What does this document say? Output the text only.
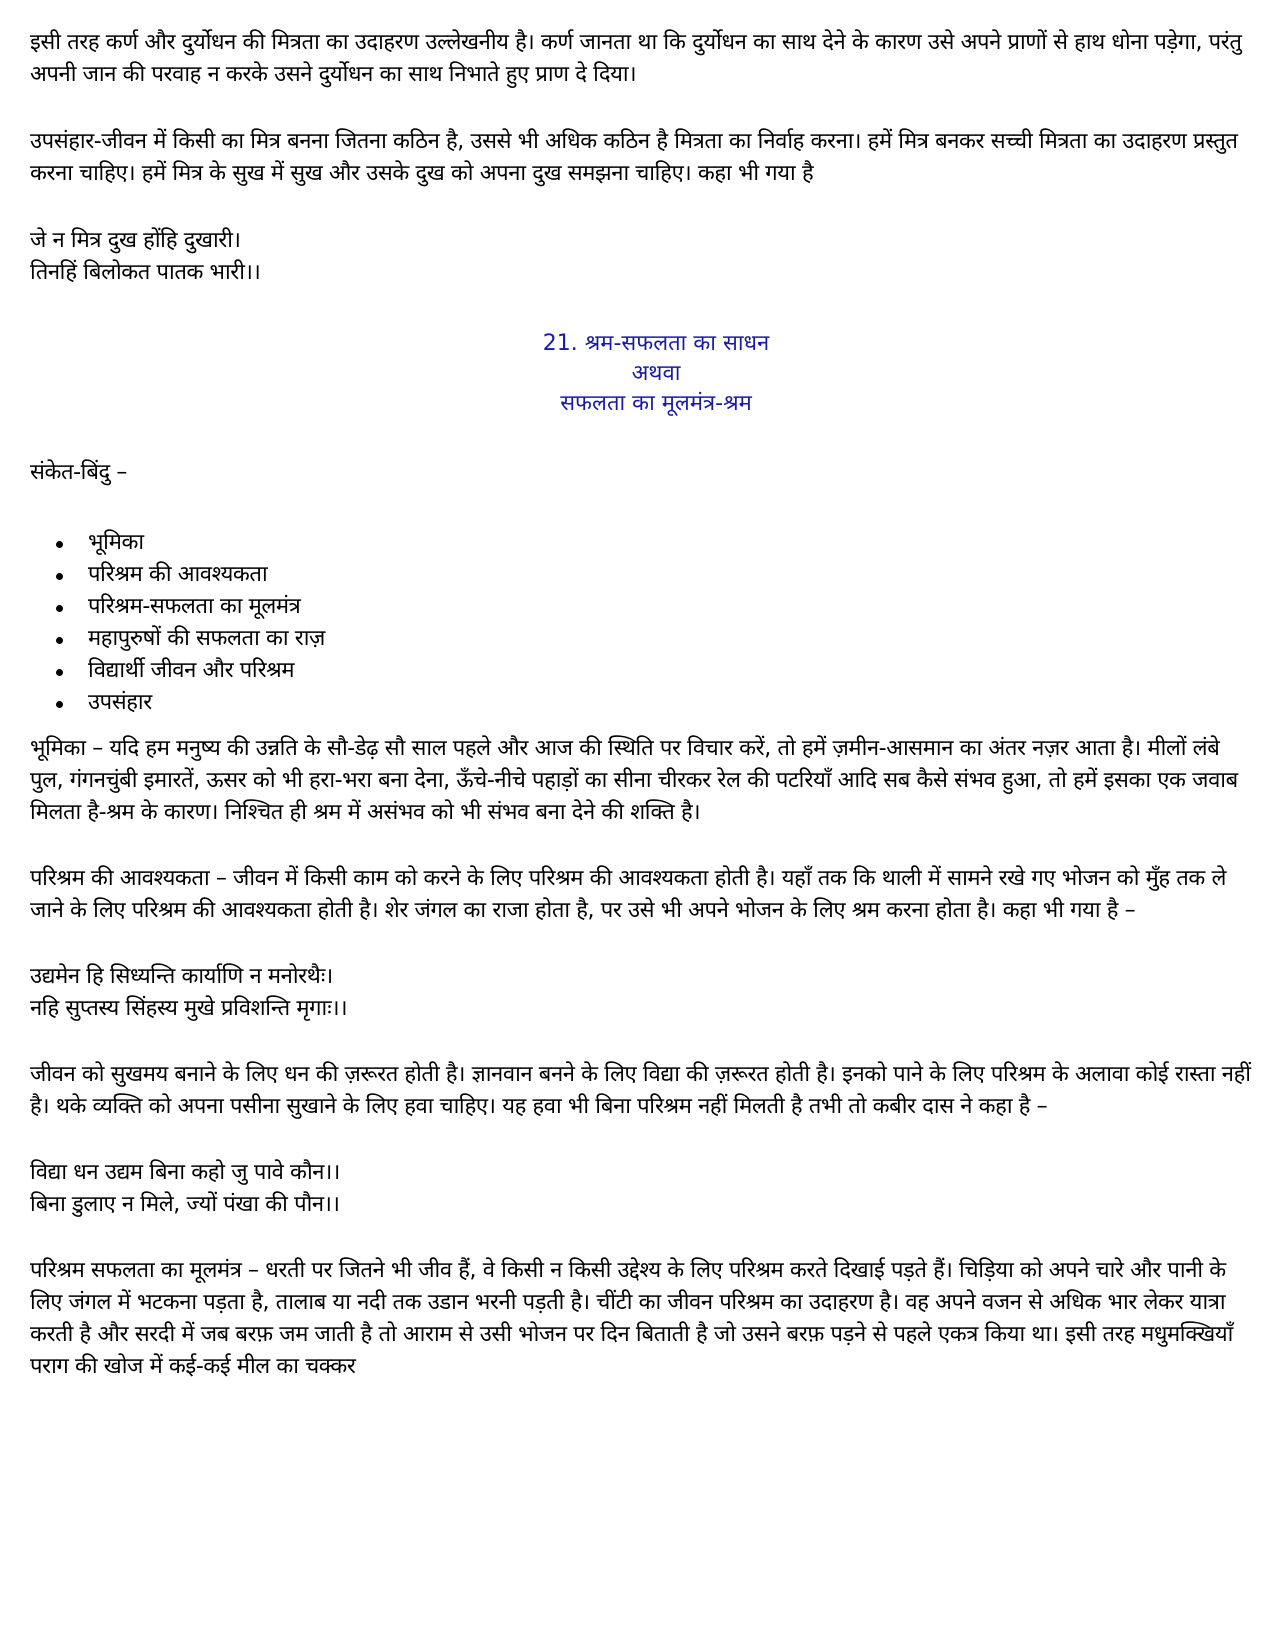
इसी तरह कर्ण और दुर्योधन की मित्रता का उदाहरण उल्लेखनीय है। कर्ण जानता था कि दुर्योधन का साथ देने के कारण उसे अपने प्राणों से हाथ धोना पड़ेगा, परंतु अपनी जान की परवाह न करके उसने दुर्योधन का साथ निभाते हुए प्राण दे दिया।

उपसंहार-जीवन में किसी का मित्र बनना जितना कठिन है, उससे भी अधिक कठिन है मित्रता का निर्वाह करना। हमें मित्र बनकर सच्ची मित्रता का उदाहरण प्रस्तुत करना चाहिए। हमें मित्र के सुख में सुख और उसके दुख को अपना दुख समझना चाहिए। कहा भी गया है

जे न मित्र दुख होंहि दुखारी।

तिनहिं बिलोकत पातक भारी।।

21. श्रम-सफलता का साधन
अथवा
सफलता का मूलमंत्र-श्रम

संकेत-बिंदु –

भूमिका
परिश्रम की आवश्यकता
परिश्रम-सफलता का मूलमंत्र
महापुरुषों की सफलता का राज़
विद्यार्थी जीवन और परिश्रम
उपसंहार

भूमिका – यदि हम मनुष्य की उन्नति के सौ-डेढ़ सौ साल पहले और आज की स्थिति पर विचार करें, तो हमें ज़मीन-आसमान का अंतर नज़र आता है। मीलों लंबे पुल, गंगनचुंबी इमारतें, ऊसर को भी हरा-भरा बना देना, ऊँचे-नीचे पहाड़ों का सीना चीरकर रेल की पटरियाँ आदि सब कैसे संभव हुआ, तो हमें इसका एक जवाब मिलता है-श्रम के कारण। निश्चित ही श्रम में असंभव को भी संभव बना देने की शक्ति है।

परिश्रम की आवश्यकता – जीवन में किसी काम को करने के लिए परिश्रम की आवश्यकता होती है। यहाँ तक कि थाली में सामने रखे गए भोजन को मुँह तक ले जाने के लिए परिश्रम की आवश्यकता होती है। शेर जंगल का राजा होता है, पर उसे भी अपने भोजन के लिए श्रम करना होता है। कहा भी गया है –

उद्यमेन हि सिध्यन्ति कार्याणि न मनोरथैः।

नहि सुप्तस्य सिंहस्य मुखे प्रविशन्ति मृगाः।।

जीवन को सुखमय बनाने के लिए धन की ज़रूरत होती है। ज्ञानवान बनने के लिए विद्या की ज़रूरत होती है। इनको पाने के लिए परिश्रम के अलावा कोई रास्ता नहीं है। थके व्यक्ति को अपना पसीना सुखाने के लिए हवा चाहिए। यह हवा भी बिना परिश्रम नहीं मिलती है तभी तो कबीर दास ने कहा है –

विद्या धन उद्यम बिना कहो जु पावे कौन।।

बिना डुलाए न मिले, ज्यों पंखा की पौन।।

परिश्रम सफलता का मूलमंत्र – धरती पर जितने भी जीव हैं, वे किसी न किसी उद्देश्य के लिए परिश्रम करते दिखाई पड़ते हैं। चिड़िया को अपने चारे और पानी के लिए जंगल में भटकना पड़ता है, तालाब या नदी तक उडान भरनी पड़ती है। चींटी का जीवन परिश्रम का उदाहरण है। वह अपने वजन से अधिक भार लेकर यात्रा करती है और सरदी में जब बरफ़ जम जाती है तो आराम से उसी भोजन पर दिन बिताती है जो उसने बरफ़ पड़ने से पहले एकत्र किया था। इसी तरह मधुमक्खियाँ पराग की खोज में कई-कई मील का चक्कर
